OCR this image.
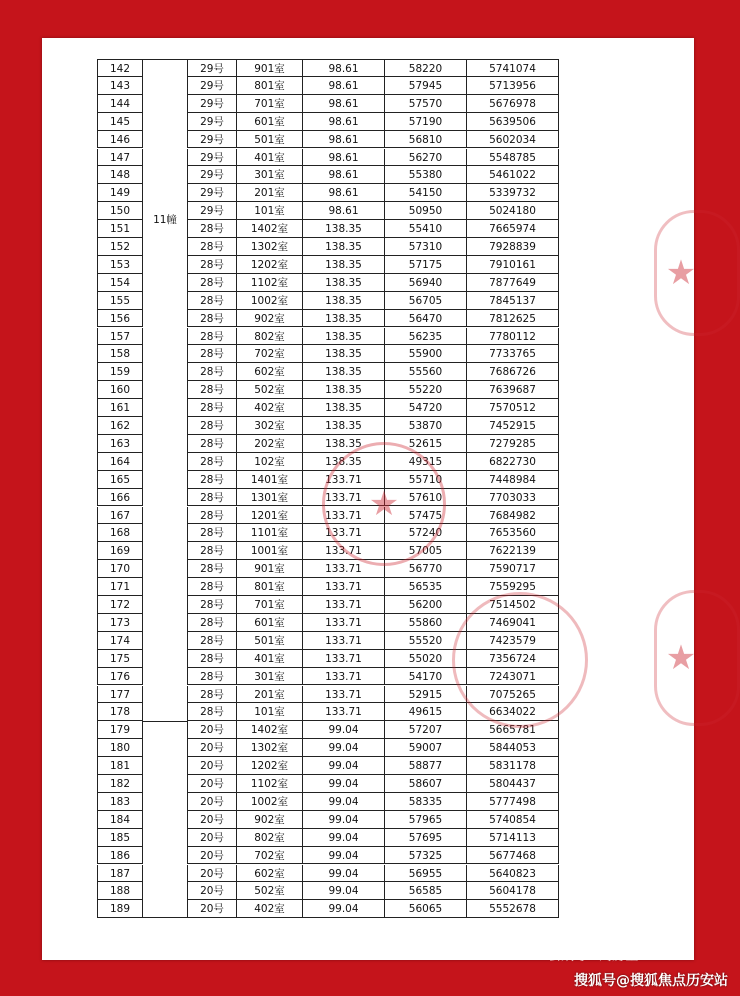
142	29号	901室	98.61	58220	5741074
143	29号	801室	98.61	57945	5713956
144	29号	701室	98.61	57570	5676978
145	29号	601室	98.61	57190	5639506
146	29号	501室	98.61	56810	5602034
147	29号	401室	98.61	56270	5548785
148	29号	301室	98.61	55380	5461022
149	29号	201室	98.61	54150	5339732
150	29号	101室	98.61	50950	5024180
151	28号	1402室	138.35	55410	7665974
152	28号	1302室	138.35	57310	7928839
153	28号	1202室	138.35	57175	7910161
154	28号	1102室	138.35	56940	7877649
155	28号	1002室	138.35	56705	7845137
156	28号	902室	138.35	56470	7812625
157	28号	802室	138.35	56235	7780112
158	28号	702室	138.35	55900	7733765
159	28号	602室	138.35	55560	7686726
160	28号	502室	138.35	55220	7639687
161	28号	402室	138.35	54720	7570512
162	28号	302室	138.35	53870	7452915
163	28号	202室	138.35	52615	7279285
164	28号	102室	138.35	49315	6822730
165	28号	1401室	133.71	55710	7448984
166	28号	1301室	133.71	57610	7703033
167	28号	1201室	133.71	57475	7684982
168	28号	1101室	133.71	57240	7653560
169	28号	1001室	133.71	57005	7622139
170	28号	901室	133.71	56770	7590717
171	28号	801室	133.71	56535	7559295
172	28号	701室	133.71	56200	7514502
173	28号	601室	133.71	55860	7469041
174	28号	501室	133.71	55520	7423579
175	28号	401室	133.71	55020	7356724
176	28号	301室	133.71	54170	7243071
177	28号	201室	133.71	52915	7075265
178	28号	101室	133.71	49615	6634022
179	20号	1402室	99.04	57207	5665781
180	20号	1302室	99.04	59007	5844053
181	20号	1202室	99.04	58877	5831178
182	20号	1102室	99.04	58607	5804437
183	20号	1002室	99.04	58335	5777498
184	20号	902室	99.04	57965	5740854
185	20号	802室	99.04	57695	5714113
186	20号	702室	99.04	57325	5677468
187	20号	602室	99.04	56955	5640823
188	20号	502室	99.04	56585	5604178
189	20号	402室	99.04	56065	5552678
11幢
★
★
★
公众号 · 周房宝
搜狐号@搜狐焦点历安站
